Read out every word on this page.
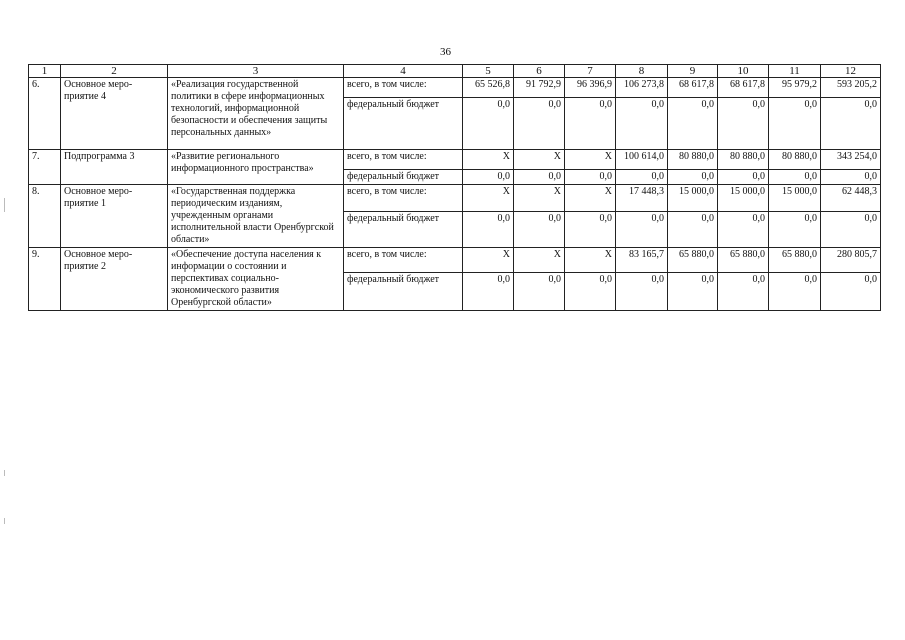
36
1	2	3	4	5	6	7	8	9	10	11	12
6.	Основное меро-приятие 4	«Реализация государственной политики в сфере информационных технологий, информационной безопасности и обеспечения защиты персональных данных»	всего, в том числе:	65 526,8	91 792,9	96 396,9	106 273,8	68 617,8	68 617,8	95 979,2	593 205,2
			федеральный бюджет	0,0	0,0	0,0	0,0	0,0	0,0	0,0	0,0
7.	Подпрограмма 3	«Развитие регионального информационного пространства»	всего, в том числе:	X	X	X	100 614,0	80 880,0	80 880,0	80 880,0	343 254,0
			федеральный бюджет	0,0	0,0	0,0	0,0	0,0	0,0	0,0	0,0
8.	Основное меро-приятие 1	«Государственная поддержка периодическим изданиям, учрежденным органами исполнительной власти Оренбургской области»	всего, в том числе:	X	X	X	17 448,3	15 000,0	15 000,0	15 000,0	62 448,3
			федеральный бюджет	0,0	0,0	0,0	0,0	0,0	0,0	0,0	0,0
9.	Основное меро-приятие 2	«Обеспечение доступа населения к информации о состоянии и перспективах социально-экономического развития Оренбургской области»	всего, в том числе:	X	X	X	83 165,7	65 880,0	65 880,0	65 880,0	280 805,7
			федеральный бюджет	0,0	0,0	0,0	0,0	0,0	0,0	0,0	0,0
